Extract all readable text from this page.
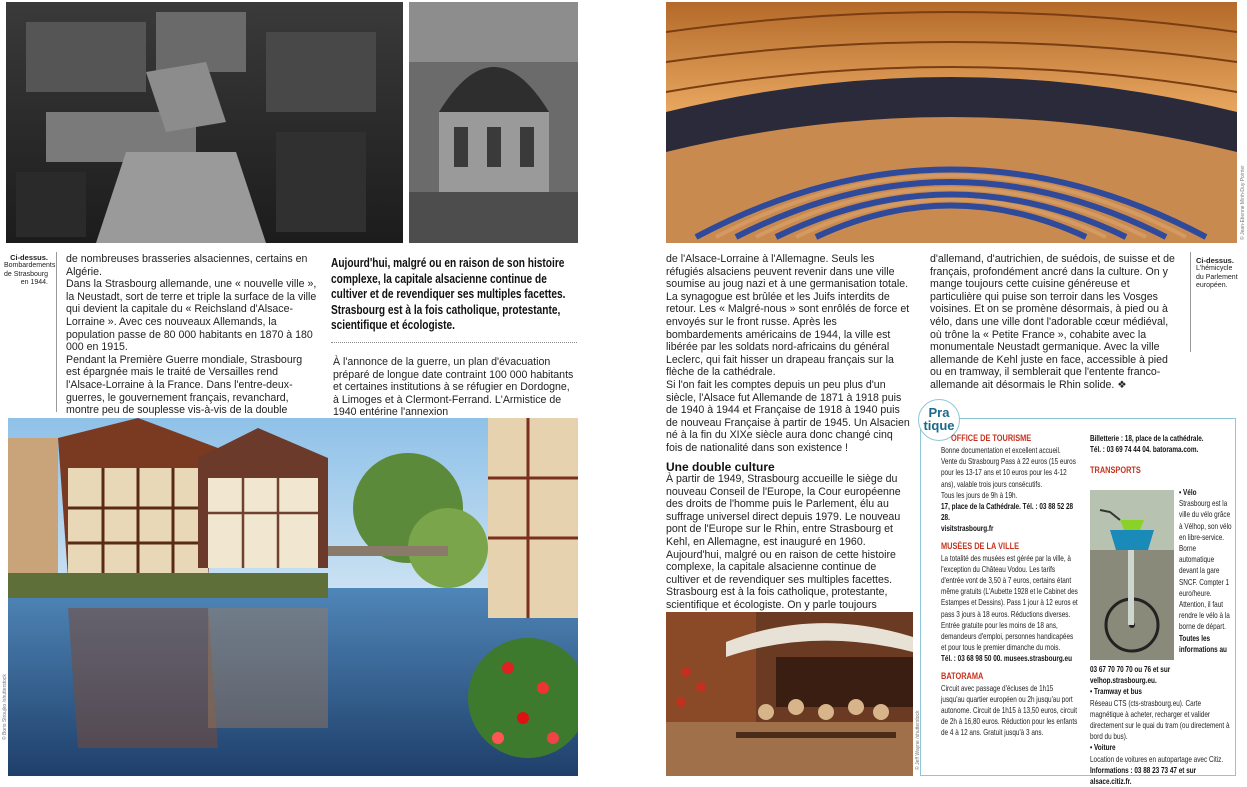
Ci-dessus.
Bombardements de Strasbourg en 1944.

de nombreuses brasseries alsaciennes, certains en Algérie.

Dans la Strasbourg allemande, une « nouvelle ville », la Neustadt, sort de terre et triple la surface de la ville qui devient la capitale du « Reichsland d'Alsace-Lorraine ». Avec ces nouveaux Allemands, la population passe de 80 000 habitants en 1870 à 180 000 en 1915.

Pendant la Première Guerre mondiale, Strasbourg est épargnée mais le traité de Versailles rend l'Alsace-Lorraine à la France. Dans l'entre-deux-guerres, le gouvernement français, revanchard, montre peu de souplesse vis-à-vis de la double

Aujourd'hui, malgré ou en raison de son histoire complexe, la capitale alsacienne continue de cultiver et de revendiquer ses multiples facettes. Strasbourg est à la fois catholique, protestante, scientifique et écologiste.

À l'annonce de la guerre, un plan d'évacuation préparé de longue date contraint 100 000 habitants et certaines institutions à se réfugier en Dordogne, à Limoges et à Clermont-Ferrand. L'Armistice de 1940 entérine l'annexion

© Boris Stroujko /shutterstock
© Jean-Etienne Minh-Duy Poirrier

de l'Alsace-Lorraine à l'Allemagne. Seuls les réfugiés alsaciens peuvent revenir dans une ville soumise au joug nazi et à une germanisation totale. La synagogue est brûlée et les Juifs interdits de retour. Les « Malgré-nous » sont enrôlés de force et envoyés sur le front russe. Après les bombardements américains de 1944, la ville est libérée par les soldats nord-africains du général Leclerc, qui fait hisser un drapeau français sur la flèche de la cathédrale.

Si l'on fait les comptes depuis un peu plus d'un siècle, l'Alsace fut Allemande de 1871 à 1918 puis de 1940 à 1944 et Française de 1918 à 1940 puis de nouveau Française à partir de 1945. Un Alsacien né à la fin du XIXe siècle aura donc changé cinq fois de nationalité dans son existence !

Une double culture

À partir de 1949, Strasbourg accueille le siège du nouveau Conseil de l'Europe, la Cour européenne des droits de l'homme puis le Parlement, élu au suffrage universel direct depuis 1979. Le nouveau pont de l'Europe sur le Rhin, entre Strasbourg et Kehl, en Allemagne, est inauguré en 1960.

Aujourd'hui, malgré ou en raison de cette histoire complexe, la capitale alsacienne continue de cultiver et de revendiquer ses multiples facettes. Strasbourg est à la fois catholique, protestante, scientifique et écologiste. On y parle toujours

d'allemand, d'autrichien, de suédois, de suisse et de français, profondément ancré dans la culture. On y mange toujours cette cuisine généreuse et particulière qui puise son terroir dans les Vosges voisines. Et on se promène désormais, à pied ou à vélo, dans une ville dont l'adorable cœur médiéval, où trône la « Petite France », cohabite avec la monumentale Neustadt germanique. Avec la ville allemande de Kehl juste en face, accessible à pied ou en tramway, il semblerait que l'entente franco-allemande ait désormais le Rhin solide. ❖

Ci-dessus.
L'hémicycle du Parlement européen.
© Jeff Wayne /shutterstock
Pra
tique
OFFICE DE TOURISME
Bonne documentation et excellent accueil. Vente du Strasbourg Pass à 22 euros (15 euros pour les 13-17 ans et 10 euros pour les 4-12 ans), valable trois jours consécutifs.
Tous les jours de 9h à 19h.
17, place de la Cathédrale. Tél. : 03 88 52 28 28.
visitstrasbourg.fr
MUSÉES DE LA VILLE
La totalité des musées est gérée par la ville, à l'exception du Château Vodou. Les tarifs d'entrée vont de 3,50 à 7 euros, certains étant même gratuits (L'Aubette 1928 et le Cabinet des Estampes et Dessins). Pass 1 jour à 12 euros et pass 3 jours à 18 euros. Réductions diverses. Entrée gratuite pour les moins de 18 ans, demandeurs d'emploi, personnes handicapées et pour tous le premier dimanche du mois.
Tél. : 03 68 98 50 00. musees.strasbourg.eu
BATORAMA
Circuit avec passage d'écluses de 1h15 jusqu'au quartier européen ou 2h jusqu'au port autonome. Circuit de 1h15 à 13,50 euros, circuit de 2h à 16,80 euros. Réduction pour les enfants de 4 à 12 ans. Gratuit jusqu'à 3 ans.
Billetterie : 18, place de la cathédrale.
Tél. : 03 69 74 44 04. batorama.com.
TRANSPORTS
• Vélo
Strasbourg est la ville du vélo grâce à Vélhop, son vélo en libre-service. Borne automatique devant la gare SNCF. Compter 1 euro/heure. Attention, il faut rendre le vélo à la borne de départ.
Toutes les informations au
03 67 70 70 70 ou 76 et sur velhop.strasbourg.eu.
• Tramway et bus
Réseau CTS (cts-strasbourg.eu). Carte magnétique à acheter, recharger et valider directement sur le quai du tram (ou directement à bord du bus).
• Voiture
Location de voitures en autopartage avec Citiz.
Informations : 03 88 23 73 47 et sur alsace.citiz.fr.
